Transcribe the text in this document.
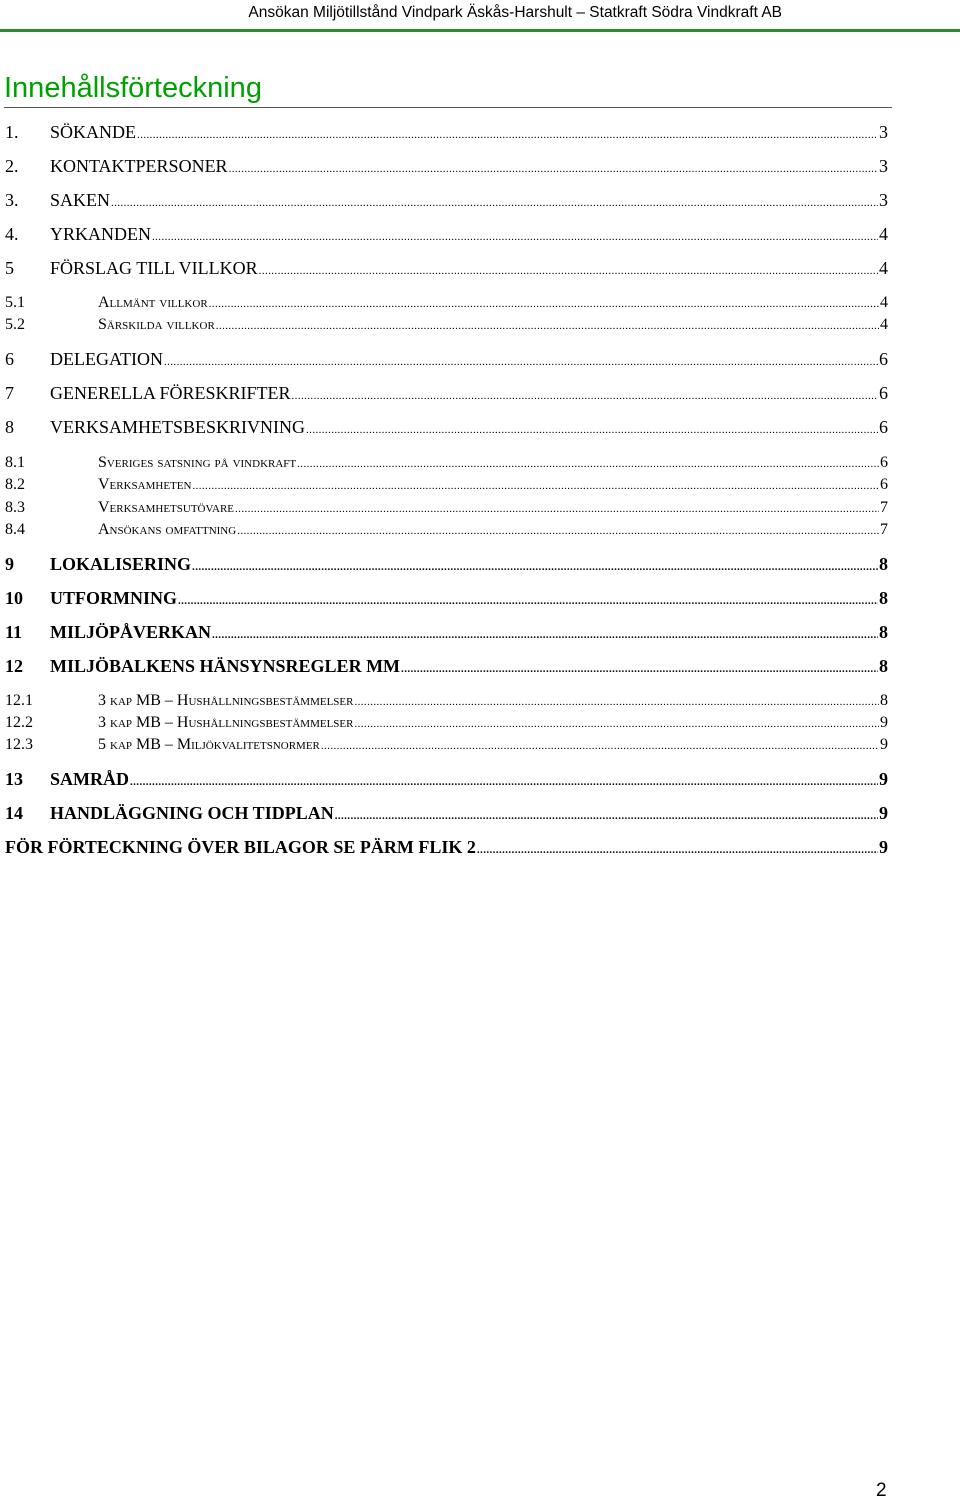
Ansökan Miljötillstånd Vindpark Äskås-Harshult – Statkraft Södra Vindkraft AB
Innehållsförteckning
1.	SÖKANDE .....	3
2.	KONTAKTPERSONER .....	3
3.	SAKEN .....	3
4.	YRKANDEN .....	4
5	FÖRSLAG TILL VILLKOR .....	4
5.1	Allmänt villkor .....	4
5.2	Särskilda villkor .....	4
6	DELEGATION .....	6
7	GENERELLA FÖRESKRIFTER .....	6
8	VERKSAMHETSBESKRIVNING .....	6
8.1	Sveriges satsning på vindkraft .....	6
8.2	Verksamheten .....	6
8.3	Verksamhetsutövare .....	7
8.4	Ansökans omfattning .....	7
9	LOKALISERING .....	8
10	UTFORMNING .....	8
11	MILJÖPÅVERKAN .....	8
12	MILJÖBALKENS HÄNSYNSREGLER MM .....	8
12.1	3 kap MB – Hushållningsbestämmelser .....	8
12.2	3 kap MB – Hushållningsbestämmelser .....	9
12.3	5 kap MB – Miljökvalitetsnormer .....	9
13	SAMRÅD .....	9
14	HANDLÄGGNING OCH TIDPLAN .....	9
FÖR FÖRTECKNING ÖVER BILAGOR SE PÄRM FLIK 2 .....	9
2
